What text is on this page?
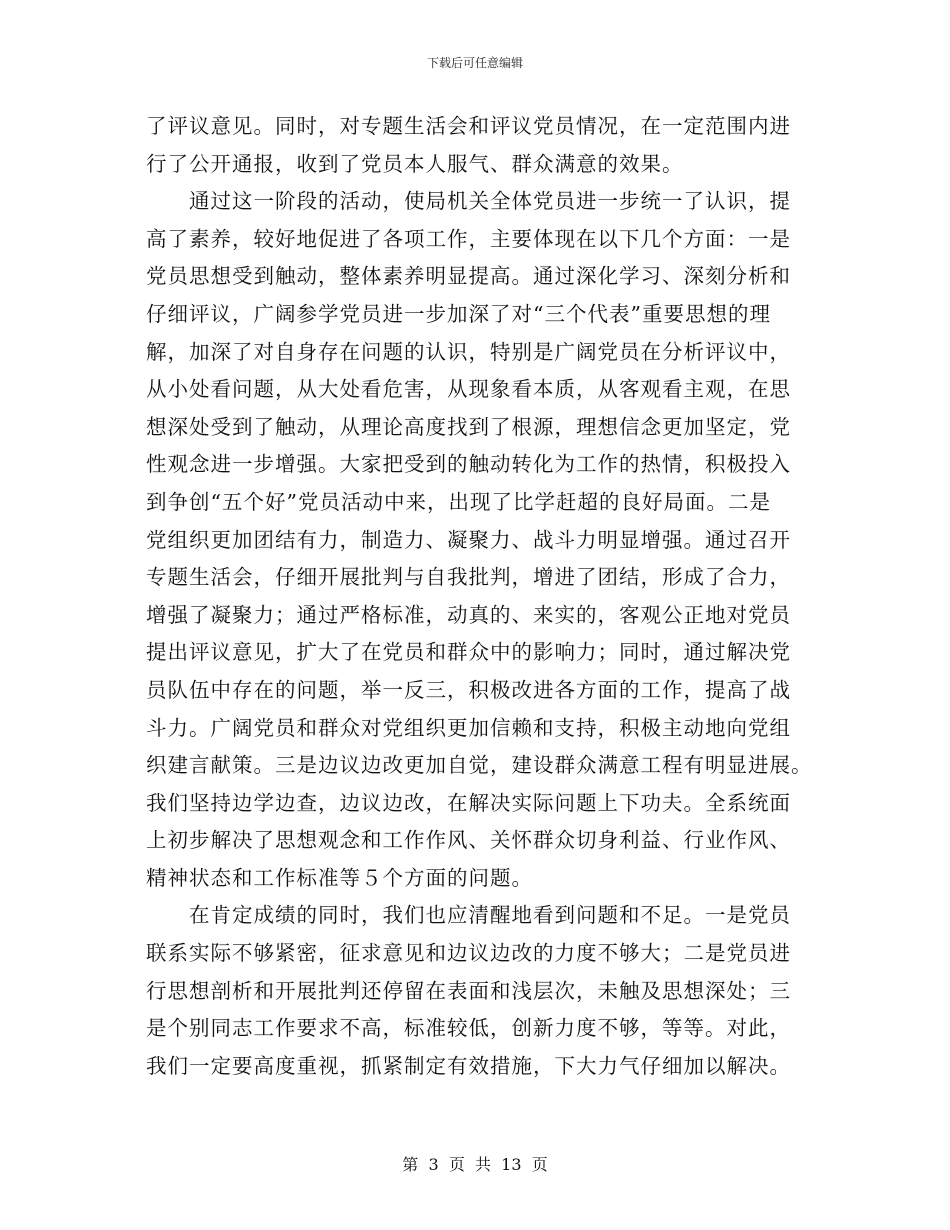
下载后可任意编辑
了评议意见。同时，对专题生活会和评议党员情况，在一定范围内进
行了公开通报，收到了党员本人服气、群众满意的效果。
　　通过这一阶段的活动，使局机关全体党员进一步统一了认识，提
高了素养，较好地促进了各项工作，主要体现在以下几个方面：一是
党员思想受到触动，整体素养明显提高。通过深化学习、深刻分析和
仔细评议，广阔参学党员进一步加深了对“三个代表”重要思想的理
解，加深了对自身存在问题的认识，特别是广阔党员在分析评议中，
从小处看问题，从大处看危害，从现象看本质，从客观看主观，在思
想深处受到了触动，从理论高度找到了根源，理想信念更加坚定，党
性观念进一步增强。大家把受到的触动转化为工作的热情，积极投入
到争创“五个好”党员活动中来，出现了比学赶超的良好局面。二是
党组织更加团结有力，制造力、凝聚力、战斗力明显增强。通过召开
专题生活会，仔细开展批判与自我批判，增进了团结，形成了合力，
增强了凝聚力；通过严格标准，动真的、来实的，客观公正地对党员
提出评议意见，扩大了在党员和群众中的影响力；同时，通过解决党
员队伍中存在的问题，举一反三，积极改进各方面的工作，提高了战
斗力。广阔党员和群众对党组织更加信赖和支持，积极主动地向党组
织建言献策。三是边议边改更加自觉，建设群众满意工程有明显进展。
我们坚持边学边查，边议边改，在解决实际问题上下功夫。全系统面
上初步解决了思想观念和工作作风、关怀群众切身利益、行业作风、
精神状态和工作标准等５个方面的问题。
　　在肯定成绩的同时，我们也应清醒地看到问题和不足。一是党员
联系实际不够紧密，征求意见和边议边改的力度不够大；二是党员进
行思想剖析和开展批判还停留在表面和浅层次，未触及思想深处；三
是个别同志工作要求不高，标准较低，创新力度不够，等等。对此，
我们一定要高度重视，抓紧制定有效措施，下大力气仔细加以解决。
第  3  页  共  13  页
